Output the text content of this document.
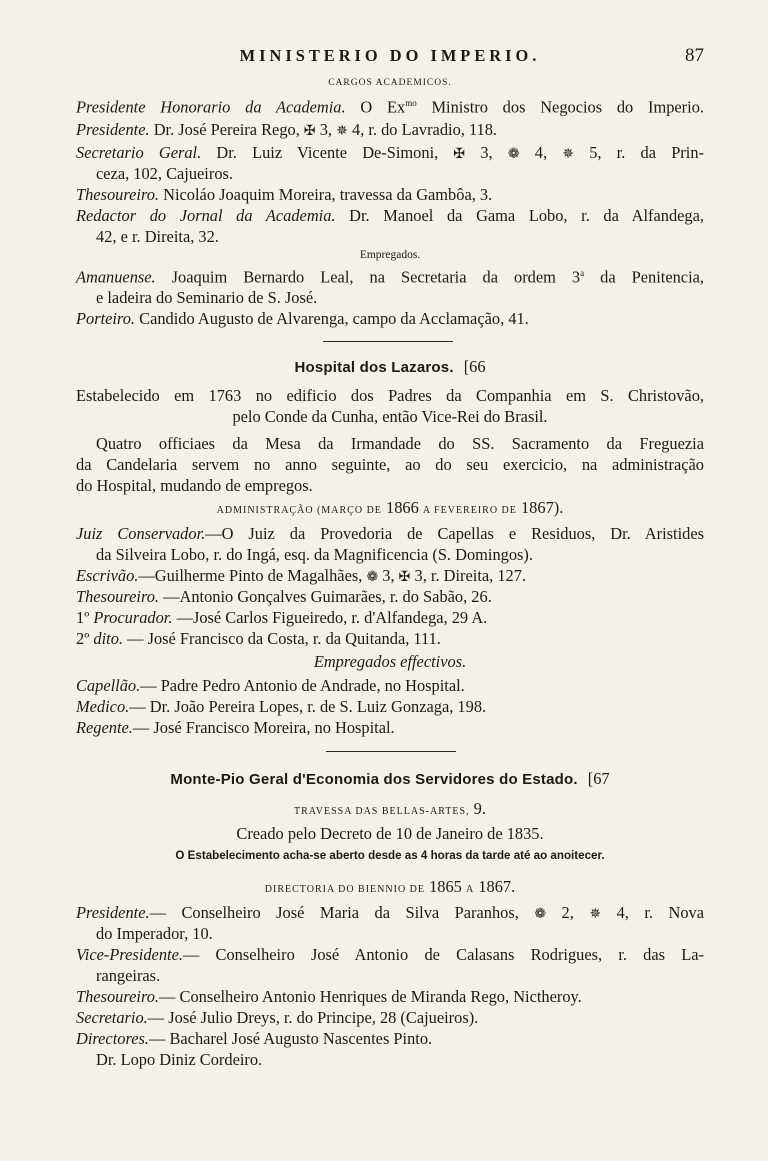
MINISTERIO DO IMPERIO.	87
CARGOS ACADEMICOS.
Presidente Honorario da Academia. O $Ex^{mo}$ Ministro dos Negocios do Imperio.
Presidente. Dr. José Pereira Rego, ✠ 3, ✵ 4, r. do Lavradio, 118.
Secretario Geral. Dr. Luiz Vicente De-Simoni, ✠ 3, ❁ 4, ✵ 5, r. da Prin-
ceza, 102, Cajueiros.
Thesoureiro. Nicoláo Joaquim Moreira, travessa da Gambôa, 3.
Redactor do Jornal da Academia. Dr. Manoel da Gama Lobo, r. da Alfandega,
42, e r. Direita, 32.
Empregados.
Amanuense. Joaquim Bernardo Leal, na Secretaria da ordem 3$^a$ da Penitencia,
e ladeira do Seminario de S. José.
Porteiro. Candido Augusto de Alvarenga, campo da Acclamação, 41.
Hospital dos Lazaros. [66
Estabelecido em 1763 no edificio dos Padres da Companhia em S. Christovão,
pelo Conde da Cunha, então Vice-Rei do Brasil.
Quatro officiaes da Mesa da Irmandade do SS. Sacramento da Freguezia
da Candelaria servem no anno seguinte, ao do seu exercicio, na administração
do Hospital, mudando de empregos.
ADMINISTRAÇÃO (MARÇO DE 1866 A FEVEREIRO DE 1867).
Juiz Conservador.—O Juiz da Provedoria de Capellas e Residuos, Dr. Aristides
da Silveira Lobo, r. do Ingá, esq. da Magnificencia (S. Domingos).
Escrivão.—Guilherme Pinto de Magalhães, ❁ 3, ✠ 3, r. Direita, 127.
Thesoureiro. —Antonio Gonçalves Guimarães, r. do Sabão, 26.
1º Procurador. —José Carlos Figueiredo, r. d'Alfandega, 29 A.
2º dito. — José Francisco da Costa, r. da Quitanda, 111.
Empregados effectivos.
Capellão.— Padre Pedro Antonio de Andrade, no Hospital.
Medico.— Dr. João Pereira Lopes, r. de S. Luiz Gonzaga, 198.
Regente.— José Francisco Moreira, no Hospital.
Monte-Pio Geral d'Economia dos Servidores do Estado. [67
TRAVESSA DAS BELLAS-ARTES, 9.
Creado pelo Decreto de 10 de Janeiro de 1835.
O Estabelecimento acha-se aberto desde as 4 horas da tarde até ao anoitecer.
DIRECTORIA DO BIENNIO DE 1865 A 1867.
Presidente.— Conselheiro José Maria da Silva Paranhos, ❁ 2, ✵ 4, r. Nova
do Imperador, 10.
Vice-Presidente.— Conselheiro José Antonio de Calasans Rodrigues, r. das La-
rangeiras.
Thesoureiro.— Conselheiro Antonio Henriques de Miranda Rego, Nictheroy.
Secretario.— José Julio Dreys, r. do Principe, 28 (Cajueiros).
Directores.— Bacharel José Augusto Nascentes Pinto.
Dr. Lopo Diniz Cordeiro.
